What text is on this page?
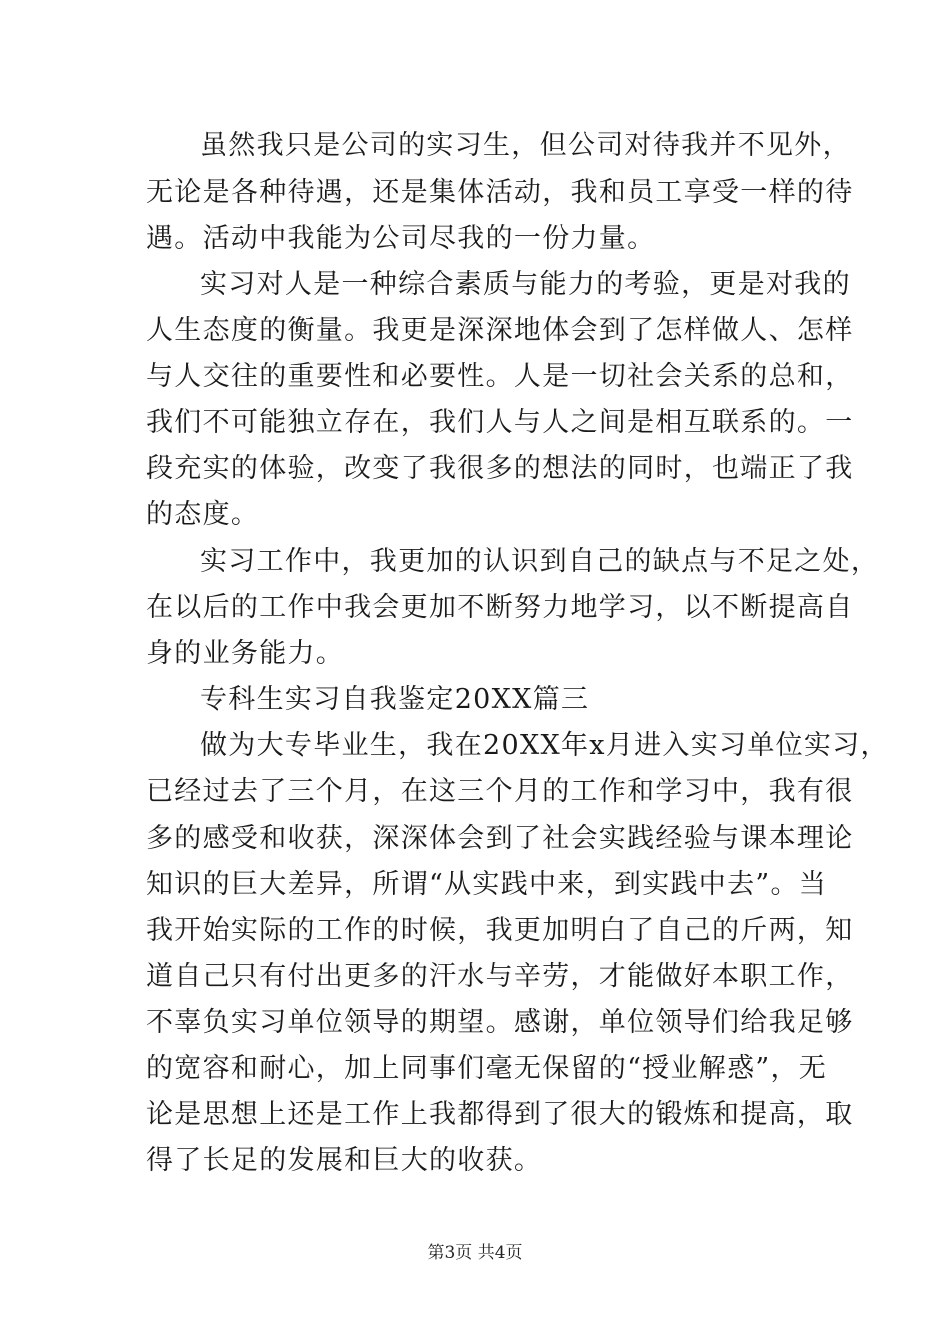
虽然我只是公司的实习生，但公司对待我并不见外，
无论是各种待遇，还是集体活动，我和员工享受一样的待
遇。活动中我能为公司尽我的一份力量。
实习对人是一种综合素质与能力的考验，更是对我的
人生态度的衡量。我更是深深地体会到了怎样做人、怎样
与人交往的重要性和必要性。人是一切社会关系的总和，
我们不可能独立存在，我们人与人之间是相互联系的。一
段充实的体验，改变了我很多的想法的同时，也端正了我
的态度。
实习工作中，我更加的认识到自己的缺点与不足之处，
在以后的工作中我会更加不断努力地学习，以不断提高自
身的业务能力。
专科生实习自我鉴定20XX篇三
做为大专毕业生，我在20XX年x月进入实习单位实习，
已经过去了三个月，在这三个月的工作和学习中，我有很
多的感受和收获，深深体会到了社会实践经验与课本理论
知识的巨大差异，所谓“从实践中来，到实践中去”。当
我开始实际的工作的时候，我更加明白了自己的斤两，知
道自己只有付出更多的汗水与辛劳，才能做好本职工作，
不辜负实习单位领导的期望。感谢，单位领导们给我足够
的宽容和耐心，加上同事们毫无保留的“授业解惑”，无
论是思想上还是工作上我都得到了很大的锻炼和提高，取
得了长足的发展和巨大的收获。
第3页 共4页
